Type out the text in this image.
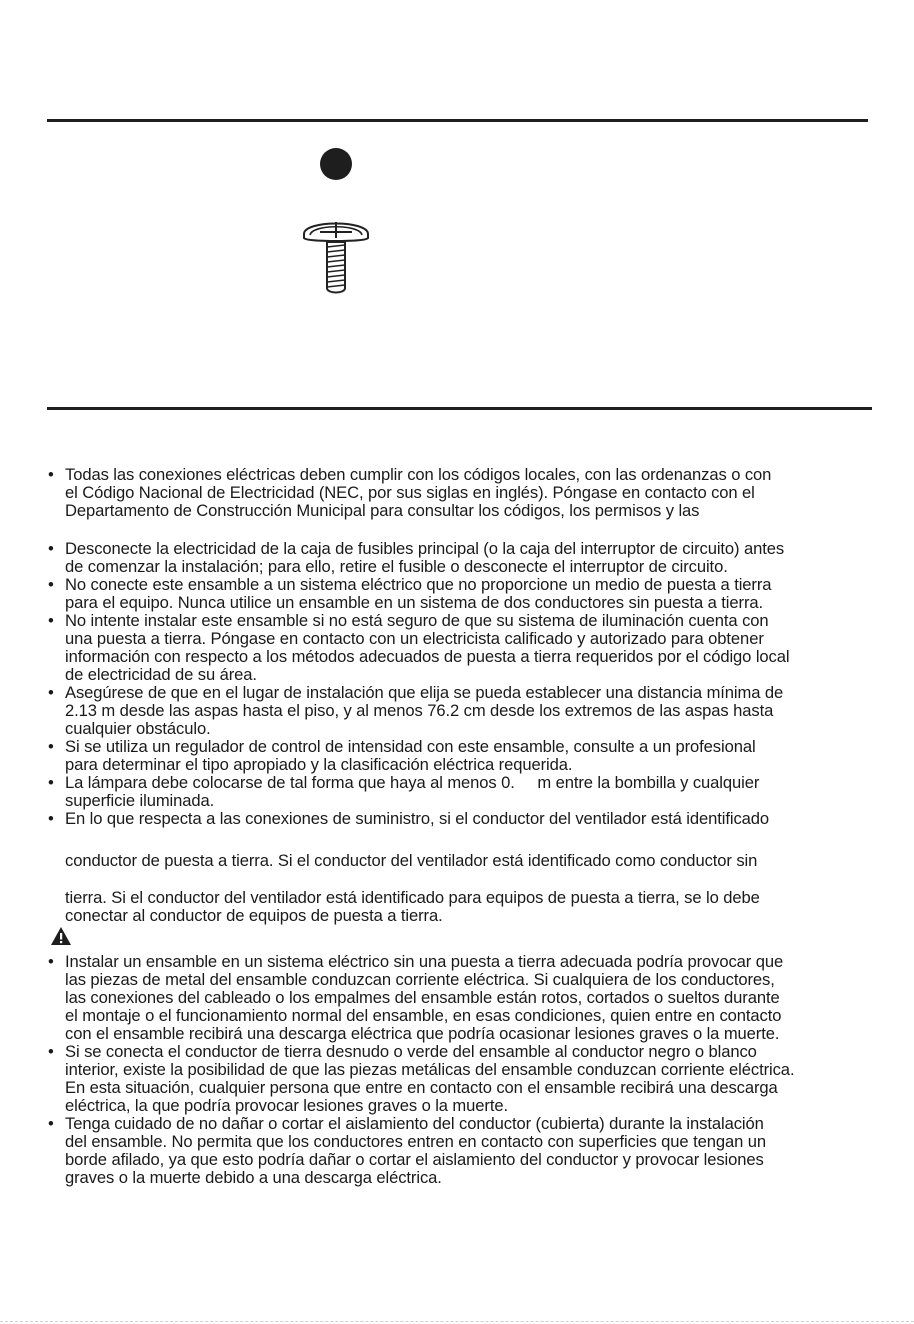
• Todas las conexiones eléctricas deben cumplir con los códigos locales, con las ordenanzas o con
el Código Nacional de Electricidad (NEC, por sus siglas en inglés). Póngase en contacto con el
Departamento de Construcción Municipal para consultar los códigos, los permisos y las
• Desconecte la electricidad de la caja de fusibles principal (o la caja del interruptor de circuito) antes
de comenzar la instalación; para ello, retire el fusible o desconecte el interruptor de circuito.
• No conecte este ensamble a un sistema eléctrico que no proporcione un medio de puesta a tierra
para el equipo. Nunca utilice un ensamble en un sistema de dos conductores sin puesta a tierra.
• No intente instalar este ensamble si no está seguro de que su sistema de iluminación cuenta con
una puesta a tierra. Póngase en contacto con un electricista calificado y autorizado para obtener
información con respecto a los métodos adecuados de puesta a tierra requeridos por el código local
de electricidad de su área.
• Asegúrese de que en el lugar de instalación que elija se pueda establecer una distancia mínima de
2.13 m desde las aspas hasta el piso, y al menos 76.2 cm desde los extremos de las aspas hasta
cualquier obstáculo.
• Si se utiliza un regulador de control de intensidad con este ensamble, consulte a un profesional
para determinar el tipo apropiado y la clasificación eléctrica requerida.
• La lámpara debe colocarse de tal forma que haya al menos 0.     m entre la bombilla y cualquier
superficie iluminada.
• En lo que respecta a las conexiones de suministro, si el conductor del ventilador está identificado
conductor de puesta a tierra. Si el conductor del ventilador está identificado como conductor sin
tierra. Si el conductor del ventilador está identificado para equipos de puesta a tierra, se lo debe
conectar al conductor de equipos de puesta a tierra.
• Instalar un ensamble en un sistema eléctrico sin una puesta a tierra adecuada podría provocar que
las piezas de metal del ensamble conduzcan corriente eléctrica. Si cualquiera de los conductores,
las conexiones del cableado o los empalmes del ensamble están rotos, cortados o sueltos durante
el montaje o el funcionamiento normal del ensamble, en esas condiciones, quien entre en contacto
con el ensamble recibirá una descarga eléctrica que podría ocasionar lesiones graves o la muerte.
• Si se conecta el conductor de tierra desnudo o verde del ensamble al conductor negro o blanco
interior, existe la posibilidad de que las piezas metálicas del ensamble conduzcan corriente eléctrica.
En esta situación, cualquier persona que entre en contacto con el ensamble recibirá una descarga
eléctrica, la que podría provocar lesiones graves o la muerte.
• Tenga cuidado de no dañar o cortar el aislamiento del conductor (cubierta) durante la instalación
del ensamble. No permita que los conductores entren en contacto con superficies que tengan un
borde afilado, ya que esto podría dañar o cortar el aislamiento del conductor y provocar lesiones
graves o la muerte debido a una descarga eléctrica.
